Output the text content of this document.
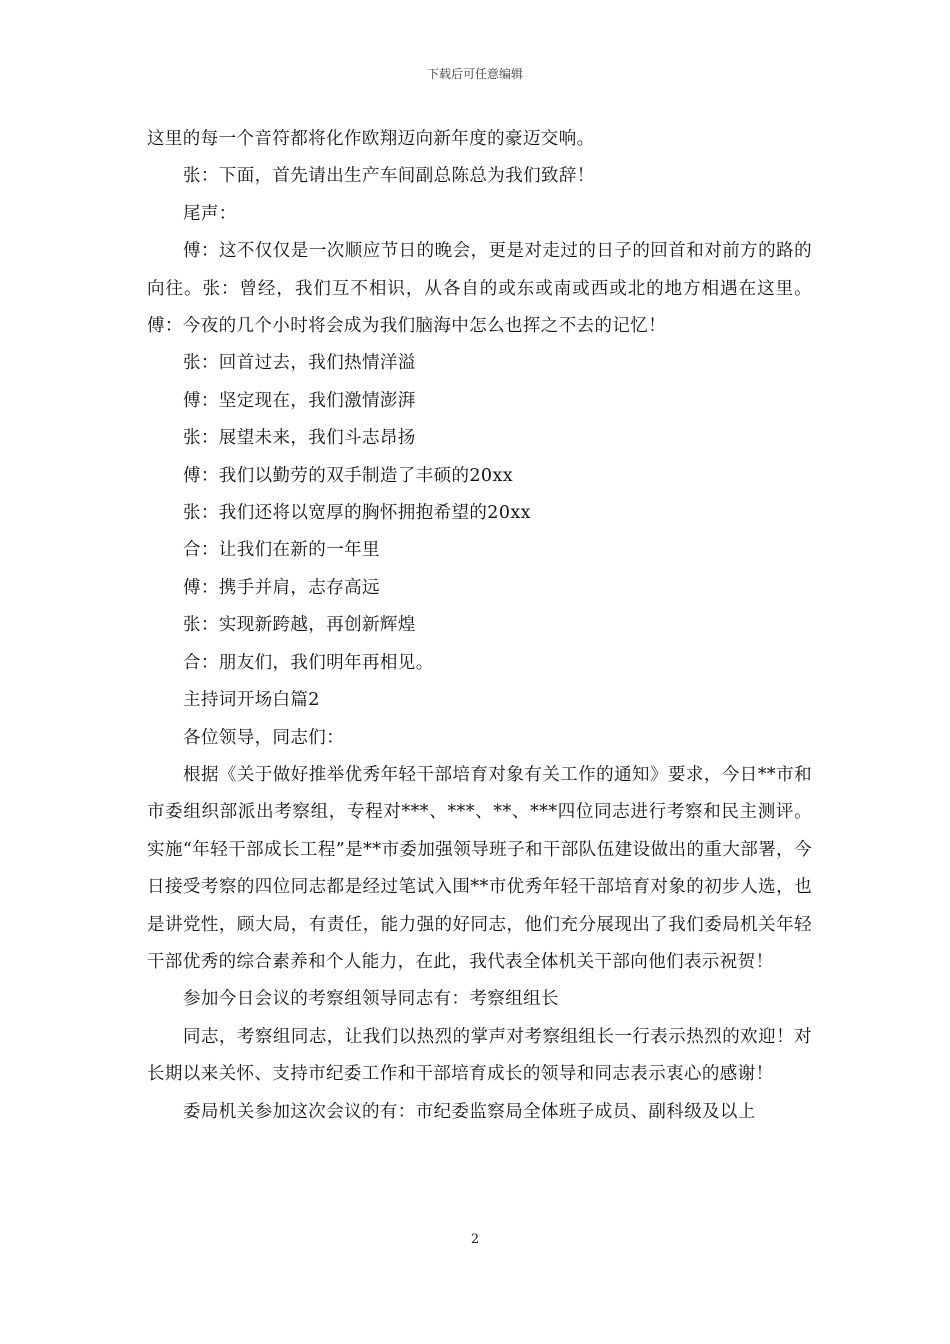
下载后可任意编辑

这里的每一个音符都将化作欧翔迈向新年度的豪迈交响。

张：下面，首先请出生产车间副总陈总为我们致辞！

尾声：

傅：这不仅仅是一次顺应节日的晚会，更是对走过的日子的回首和对前方的路的向往。张：曾经，我们互不相识，从各自的或东或南或西或北的地方相遇在这里。傅：今夜的几个小时将会成为我们脑海中怎么也挥之不去的记忆！

张：回首过去，我们热情洋溢

傅：坚定现在，我们激情澎湃

张：展望未来，我们斗志昂扬

傅：我们以勤劳的双手制造了丰硕的20xx

张：我们还将以宽厚的胸怀拥抱希望的20xx

合：让我们在新的一年里

傅：携手并肩，志存高远

张：实现新跨越，再创新辉煌

合：朋友们，我们明年再相见。

主持词开场白篇2

各位领导，同志们：

根据《关于做好推举优秀年轻干部培育对象有关工作的通知》要求，今日**市和市委组织部派出考察组，专程对***、***、**、***四位同志进行考察和民主测评。实施“年轻干部成长工程”是**市委加强领导班子和干部队伍建设做出的重大部署，今日接受考察的四位同志都是经过笔试入围**市优秀年轻干部培育对象的初步人选，也是讲党性，顾大局，有责任，能力强的好同志，他们充分展现出了我们委局机关年轻干部优秀的综合素养和个人能力，在此，我代表全体机关干部向他们表示祝贺！

参加今日会议的考察组领导同志有：考察组组长

同志，考察组同志，让我们以热烈的掌声对考察组组长一行表示热烈的欢迎！对长期以来关怀、支持市纪委工作和干部培育成长的领导和同志表示衷心的感谢！

委局机关参加这次会议的有：市纪委监察局全体班子成员、副科级及以上

2
